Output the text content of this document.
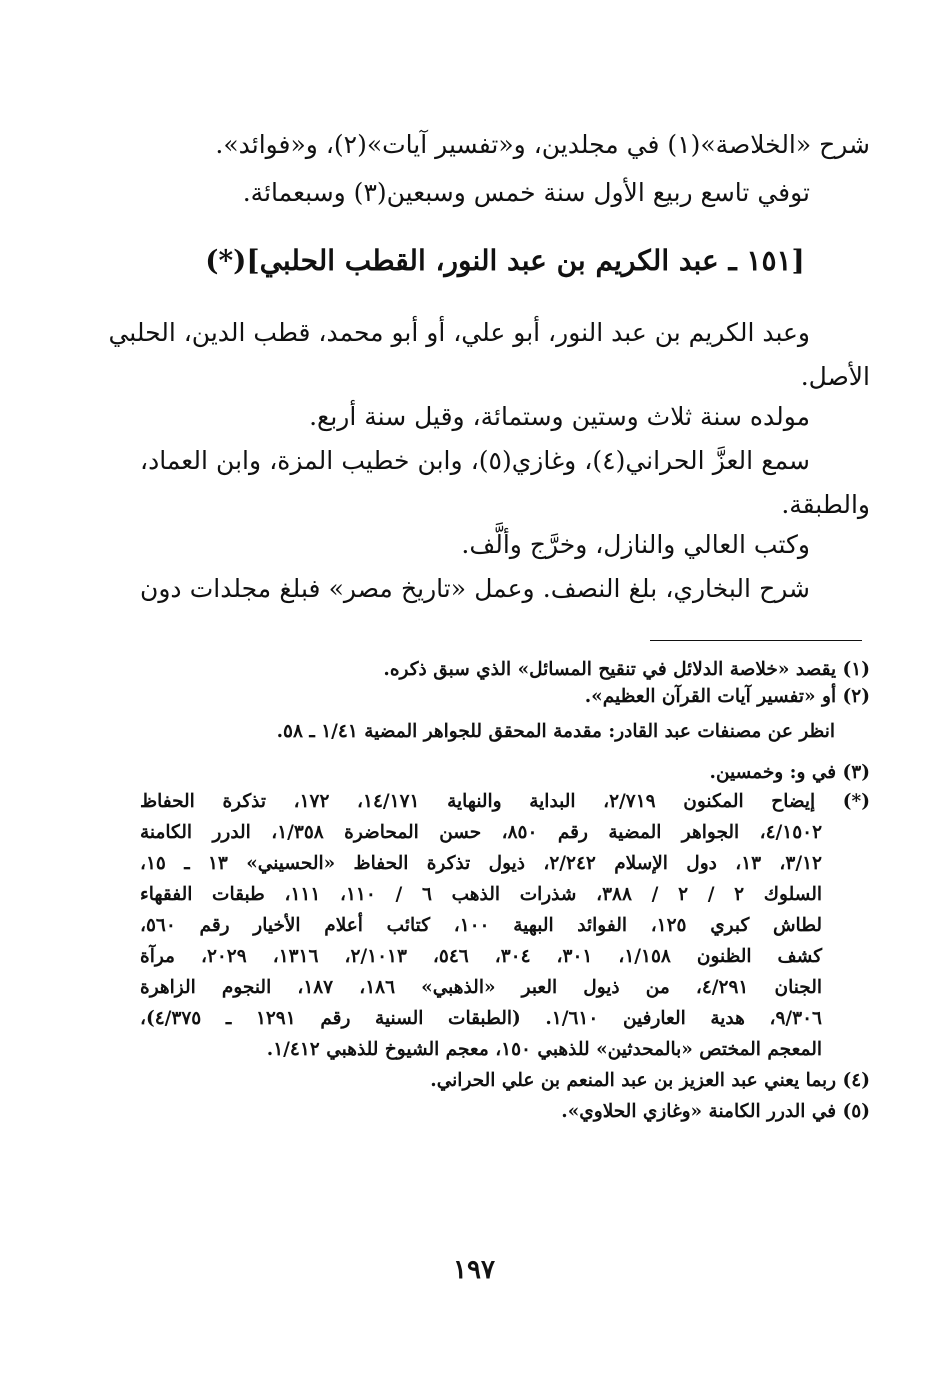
شرح «الخلاصة»(١) في مجلدين، و«تفسير آيات»(٢)، و«فوائد».
توفي تاسع ربيع الأول سنة خمس وسبعين(٣) وسبعمائة.
[١٥١ ـ عبد الكريم بن عبد النور، القطب الحلبي](*)
وعبد الكريم بن عبد النور، أبو علي، أو أبو محمد، قطب الدين، الحلبي
الأصل.
مولده سنة ثلاث وستين وستمائة، وقيل سنة أربع.
سمع العزَّ الحراني(٤)، وغازي(٥)، وابن خطيب المزة، وابن العماد،
والطبقة.
وكتب العالي والنازل، وخرَّج وألَّف.
شرح البخاري، بلغ النصف. وعمل «تاريخ مصر» فبلغ مجلدات دون
(١) يقصد «خلاصة الدلائل في تنقيح المسائل» الذي سبق ذكره.
(٢) أو «تفسير آيات القرآن العظيم».
انظر عن مصنفات عبد القادر: مقدمة المحقق للجواهر المضية ١/٤١ ـ ٥٨.
(٣) في و: وخمسين.
(*) إيضاح المكنون ٢/٧١٩، البداية والنهاية ١٤/١٧١، ١٧٢، تذكرة الحفاظ
٤/١٥٠٢، الجواهر المضية رقم ٨٥٠، حسن المحاضرة ١/٣٥٨، الدرر الكامنة
٣/١٢، ١٣، دول الإسلام ٢/٢٤٢، ذيول تذكرة الحفاظ «الحسيني» ١٣ ـ ١٥،
السلوك ٢ / ٢ / ٣٨٨، شذرات الذهب ٦ / ١١٠، ١١١، طبقات الفقهاء
لطاش كبري ١٢٥، الفوائد البهية ١٠٠، كتائب أعلام الأخيار رقم ٥٦٠،
كشف الظنون ١/١٥٨، ٣٠١، ٣٠٤، ٥٤٦، ٢/١٠١٣، ١٣١٦، ٢٠٢٩، مرآة
الجنان ٤/٢٩١، من ذيول العبر «الذهبي» ١٨٦، ١٨٧، النجوم الزاهرة
٩/٣٠٦، هدية العارفين ١/٦١٠. (الطبقات السنية رقم ١٢٩١ ـ ٤/٣٧٥)،
المعجم المختص «بالمحدثين» للذهبي ١٥٠، معجم الشيوخ للذهبي ١/٤١٢.
(٤) ربما يعني عبد العزيز بن عبد المنعم بن علي الحراني.
(٥) في الدرر الكامنة «وغازي الحلاوي».
١٩٧
